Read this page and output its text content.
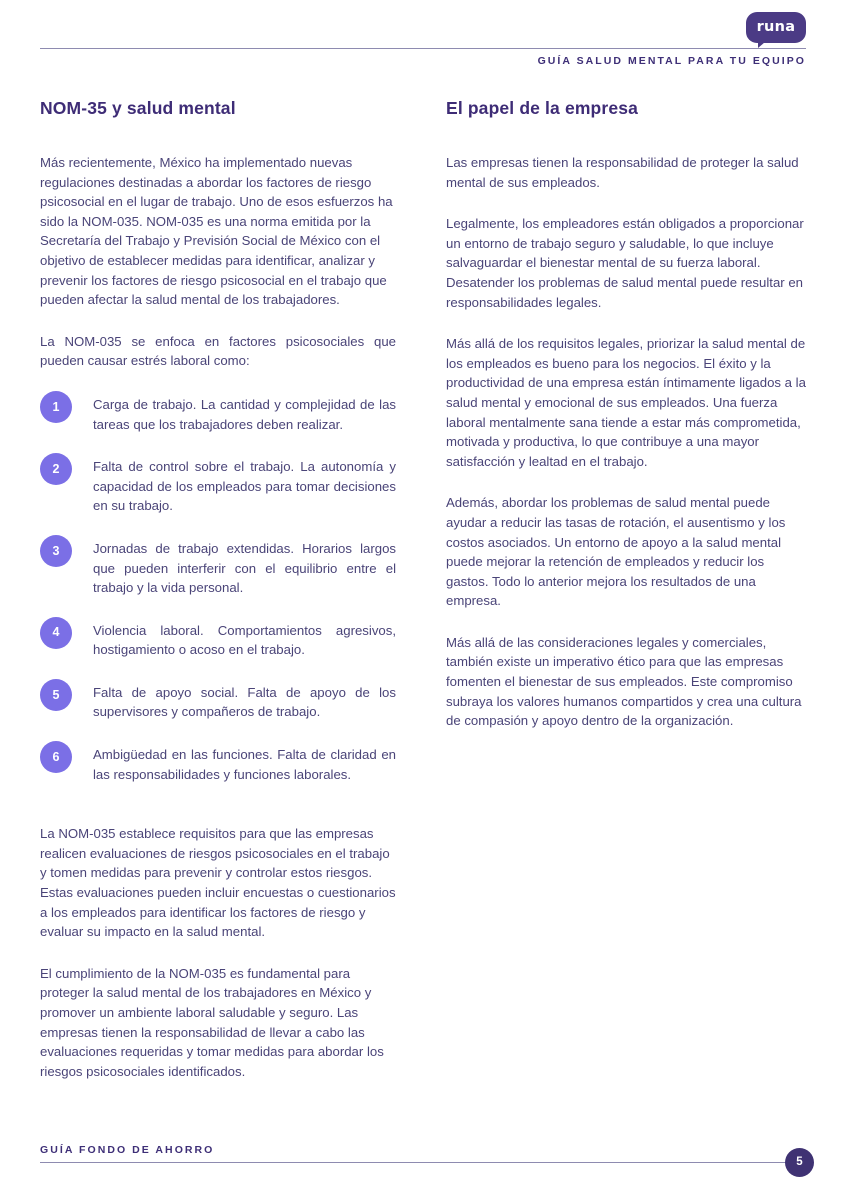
runa
GUÍA SALUD MENTAL PARA TU EQUIPO
NOM-35 y salud mental

Más recientemente, México ha implementado nuevas regulaciones destinadas a abordar los factores de riesgo psicosocial en el lugar de trabajo. Uno de esos esfuerzos ha sido la NOM-035. NOM-035 es una norma emitida por la Secretaría del Trabajo y Previsión Social de México con el objetivo de establecer medidas para identificar, analizar y prevenir los factores de riesgo psicosocial en el trabajo que pueden afectar la salud mental de los trabajadores.

La NOM-035 se enfoca en factores psicosociales que pueden causar estrés laboral como:

1	Carga de trabajo. La cantidad y complejidad de las tareas que los trabajadores deben realizar.
2	Falta de control sobre el trabajo. La autonomía y capacidad de los empleados para tomar decisiones en su trabajo.
3	Jornadas de trabajo extendidas. Horarios largos que pueden interferir con el equilibrio entre el trabajo y la vida personal.
4	Violencia laboral. Comportamientos agresivos, hostigamiento o acoso en el trabajo.
5	Falta de apoyo social. Falta de apoyo de los supervisores y compañeros de trabajo.
6	Ambigüedad en las funciones. Falta de claridad en las responsabilidades y funciones laborales.

La NOM-035 establece requisitos para que las empresas realicen evaluaciones de riesgos psicosociales en el trabajo y tomen medidas para prevenir y controlar estos riesgos. Estas evaluaciones pueden incluir encuestas o cuestionarios a los empleados para identificar los factores de riesgo y evaluar su impacto en la salud mental.

El cumplimiento de la NOM-035 es fundamental para proteger la salud mental de los trabajadores en México y promover un ambiente laboral saludable y seguro. Las empresas tienen la responsabilidad de llevar a cabo las evaluaciones requeridas y tomar medidas para abordar los riesgos psicosociales identificados.

El papel de la empresa

Las empresas tienen la responsabilidad de proteger la salud mental de sus empleados.

Legalmente, los empleadores están obligados a proporcionar un entorno de trabajo seguro y saludable, lo que incluye salvaguardar el bienestar mental de su fuerza laboral. Desatender los problemas de salud mental puede resultar en responsabilidades legales.

Más allá de los requisitos legales, priorizar la salud mental de los empleados es bueno para los negocios. El éxito y la productividad de una empresa están íntimamente ligados a la salud mental y emocional de sus empleados. Una fuerza laboral mentalmente sana tiende a estar más comprometida, motivada y productiva, lo que contribuye a una mayor satisfacción y lealtad en el trabajo.

Además, abordar los problemas de salud mental puede ayudar a reducir las tasas de rotación, el ausentismo y los costos asociados. Un entorno de apoyo a la salud mental puede mejorar la retención de empleados y reducir los gastos. Todo lo anterior mejora los resultados de una empresa.

Más allá de las consideraciones legales y comerciales, también existe un imperativo ético para que las empresas fomenten el bienestar de sus empleados. Este compromiso subraya los valores humanos compartidos y crea una cultura de compasión y apoyo dentro de la organización.

GUÍA FONDO DE AHORRO
5
